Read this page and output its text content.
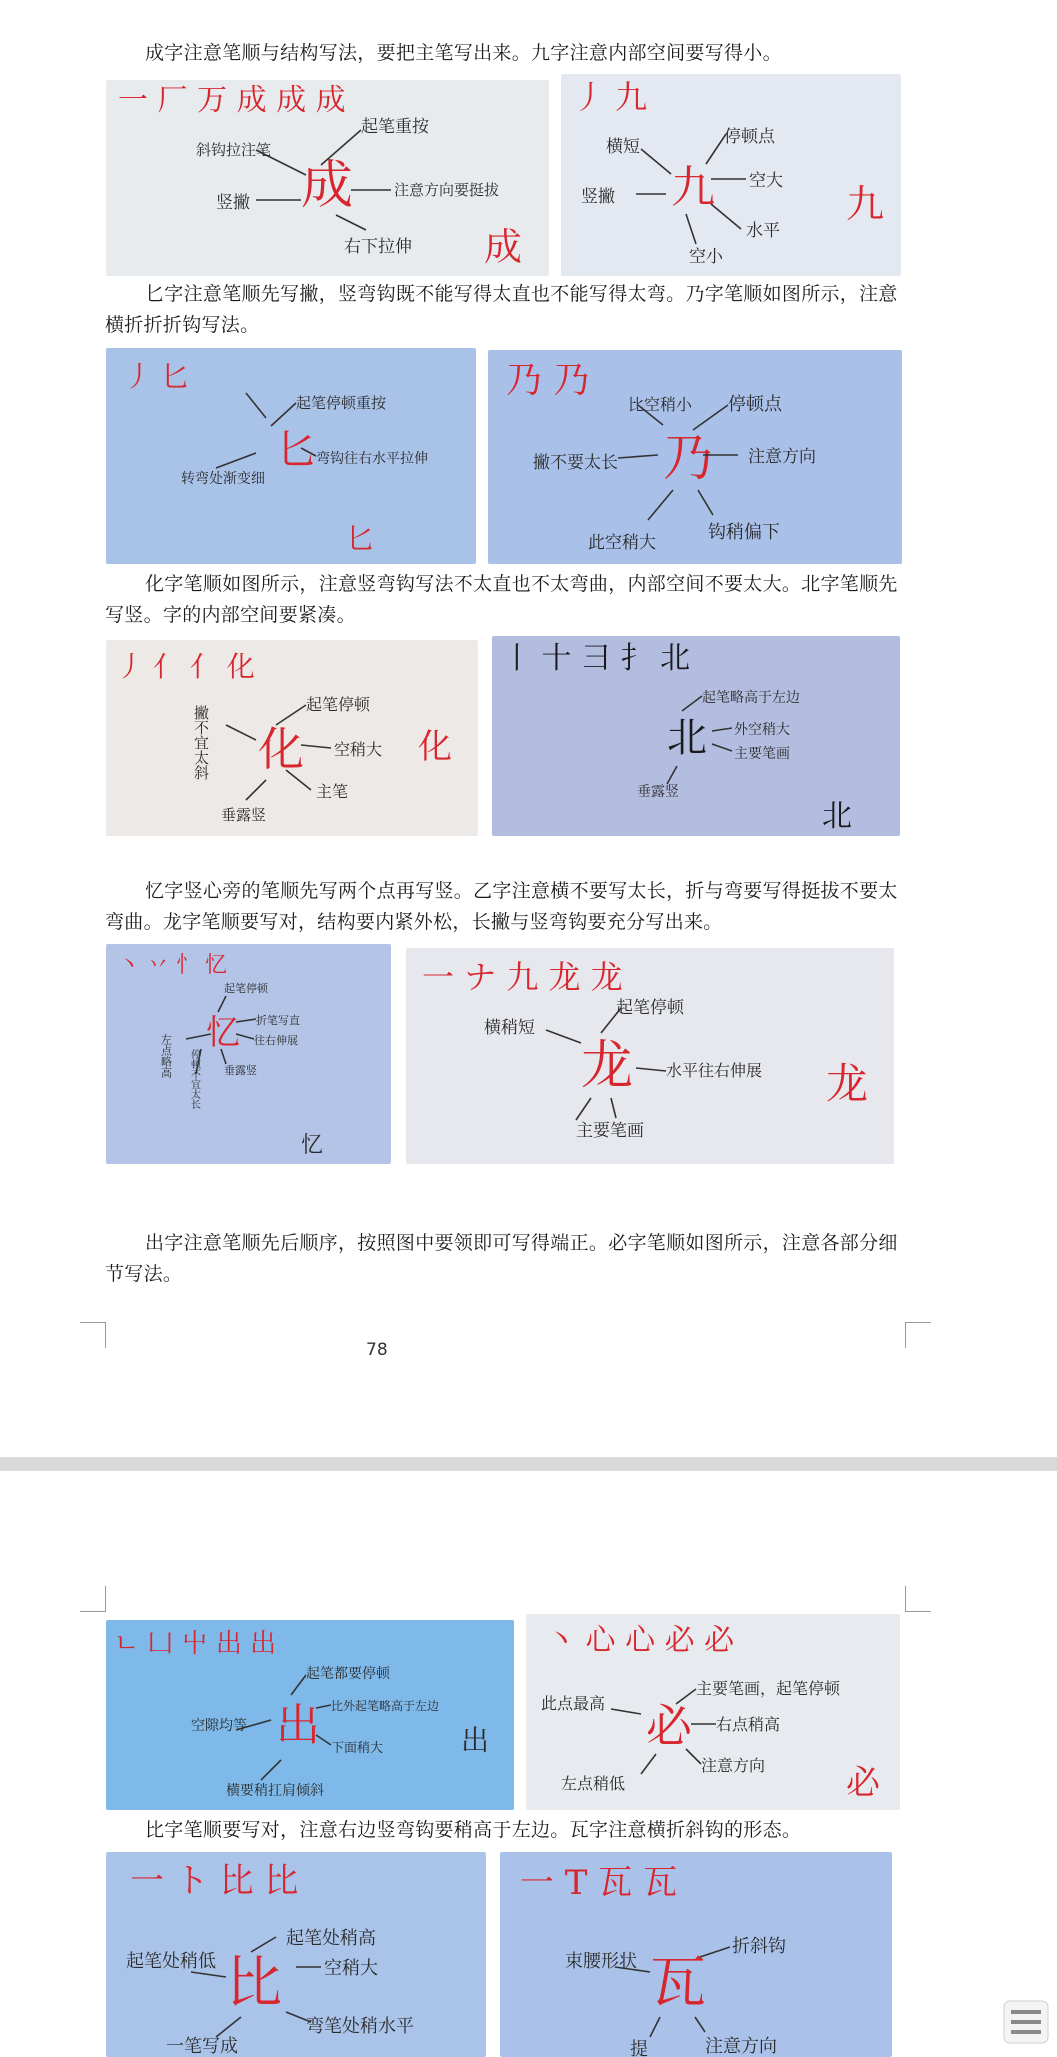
成字注意笔顺与结构写法，要把主笔写出来。九字注意内部空间要写得小。
一 厂 万 成 成 成
成
成
起笔重按
斜钩拉注笔
竖撇
注意方向要挺拔
右下拉伸
丿 九
九	九
横短	停顿点
空大
竖撇
空小
水平
匕字注意笔顺先写撇，竖弯钩既不能写得太直也不能写得太弯。乃字笔顺如图所示，注意横折折折钩写法。
丿 匕
匕
匕
起笔停顿重按
转弯处渐变细
弯钩往右水平拉伸
乃 乃
乃
比空稍小 停顿点
撇不要太长	注意方向
此空稍大	钩稍偏下
化字笔顺如图所示，注意竖弯钩写法不太直也不太弯曲，内部空间不要太大。北字笔顺先写竖。字的内部空间要紧凑。
丿 亻 亻 化
化	化
起笔停顿
撇不宜太斜	空稍大
主笔
垂露竖
丨 十 彐 扌 北
北
北
起笔略高于左边
外空稍大
主要笔画
垂露竖
忆字竖心旁的笔顺先写两个点再写竖。乙字注意横不要写太长，折与弯要写得挺拔不要太弯曲。龙字笔顺要写对，结构要内紧外松，长撇与竖弯钩要充分写出来。
丶 丷 忄 忆
忆
忆
起笔停顿
折笔写直
左点略高	往右伸展
停顿不宜太长 垂露竖
一 ナ 九 龙 龙
龙	龙
起笔停顿
横稍短
水平往右伸展
主要笔画
出字注意笔顺先后顺序，按照图中要领即可写得端正。必字笔顺如图所示，注意各部分细节写法。
78
ㄴ 凵 屮 出 出
出	出
起笔都要停顿
比外起笔略高于左边
空隙均等
下面稍大
横要稍扛肩倾斜
丶 心 心 必 必
必
必
主要笔画，起笔停顿
此点最高
右点稍高
左点稍低
注意方向
比字笔顺要写对，注意右边竖弯钩要稍高于左边。瓦字注意横折斜钩的形态。
一 ト 比 比
比
起笔处稍高
起笔处稍低	空稍大
一笔写成
弯笔处稍水平
一 T 瓦 瓦
瓦
束腰形状
折斜钩
提	注意方向
